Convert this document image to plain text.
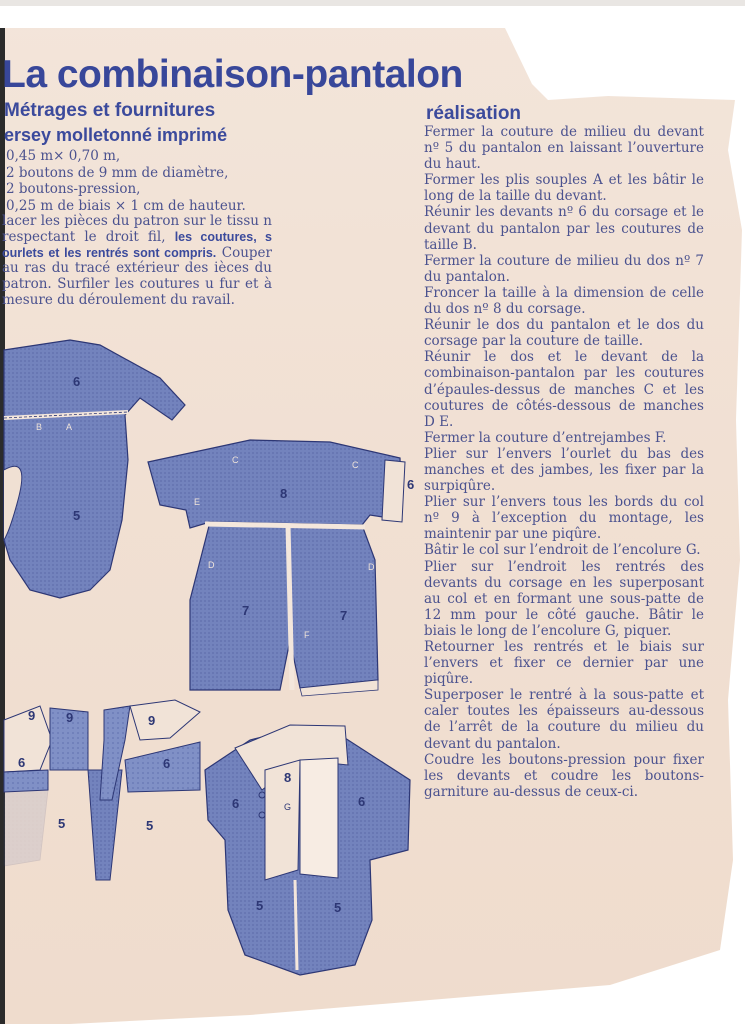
La combinaison-pantalon
Métrages et fournitures
ersey molletonné imprimé
0,45 m× 0,70 m,
2 boutons de 9 mm de diamètre,
2 boutons-pression,
0,25 m de biais × 1 cm de hauteur.

lacer les pièces du patron sur le tissu n respectant le droit fil, les coutures, s ourlets et les rentrés sont compris. Couper au ras du tracé extérieur des ièces du patron. Surfiler les coutures u fur et à mesure du déroulement du ravail.

réalisation

Fermer la couture de milieu du devant nº 5 du pantalon en laissant l’ouverture du haut.

Former les plis souples A et les bâtir le long de la taille du devant.

Réunir les devants nº 6 du corsage et le devant du pantalon par les coutures de taille B.

Fermer la couture de milieu du dos nº 7 du pantalon.

Froncer la taille à la dimension de celle du dos nº 8 du corsage.

Réunir le dos du pantalon et le dos du corsage par la couture de taille.

Réunir le dos et le devant de la combinaison-pantalon par les coutures d’épaules-dessus de manches C et les coutures de côtés-dessous de manches D E.

Fermer la couture d’entrejambes F.

Plier sur l’envers l’ourlet du bas des manches et des jambes, les fixer par la surpiqûre.

Plier sur l’envers tous les bords du col nº 9 à l’exception du montage, les maintenir par une piqûre.

Bâtir le col sur l’endroit de l’encolure G.

Plier sur l’endroit les rentrés des devants du corsage en les superposant au col et en formant une sous-patte de 12 mm pour le côté gauche. Bâtir le biais le long de l’encolure G, piquer.

Retourner les rentrés et le biais sur l’envers et fixer ce dernier par une piqûre.

Superposer le rentré à la sous-patte et caler toutes les épaisseurs au-dessous de l’arrêt de la couture du milieu du devant du pantalon.

Coudre les boutons-pression pour fixer les devants et coudre les boutons-garniture au-dessus de ceux-ci.

6
5
B	A
8
6
7	7
C	C
E
D	D
F
9 9	9
6	6
5	5
8
6	6
5	5
G
